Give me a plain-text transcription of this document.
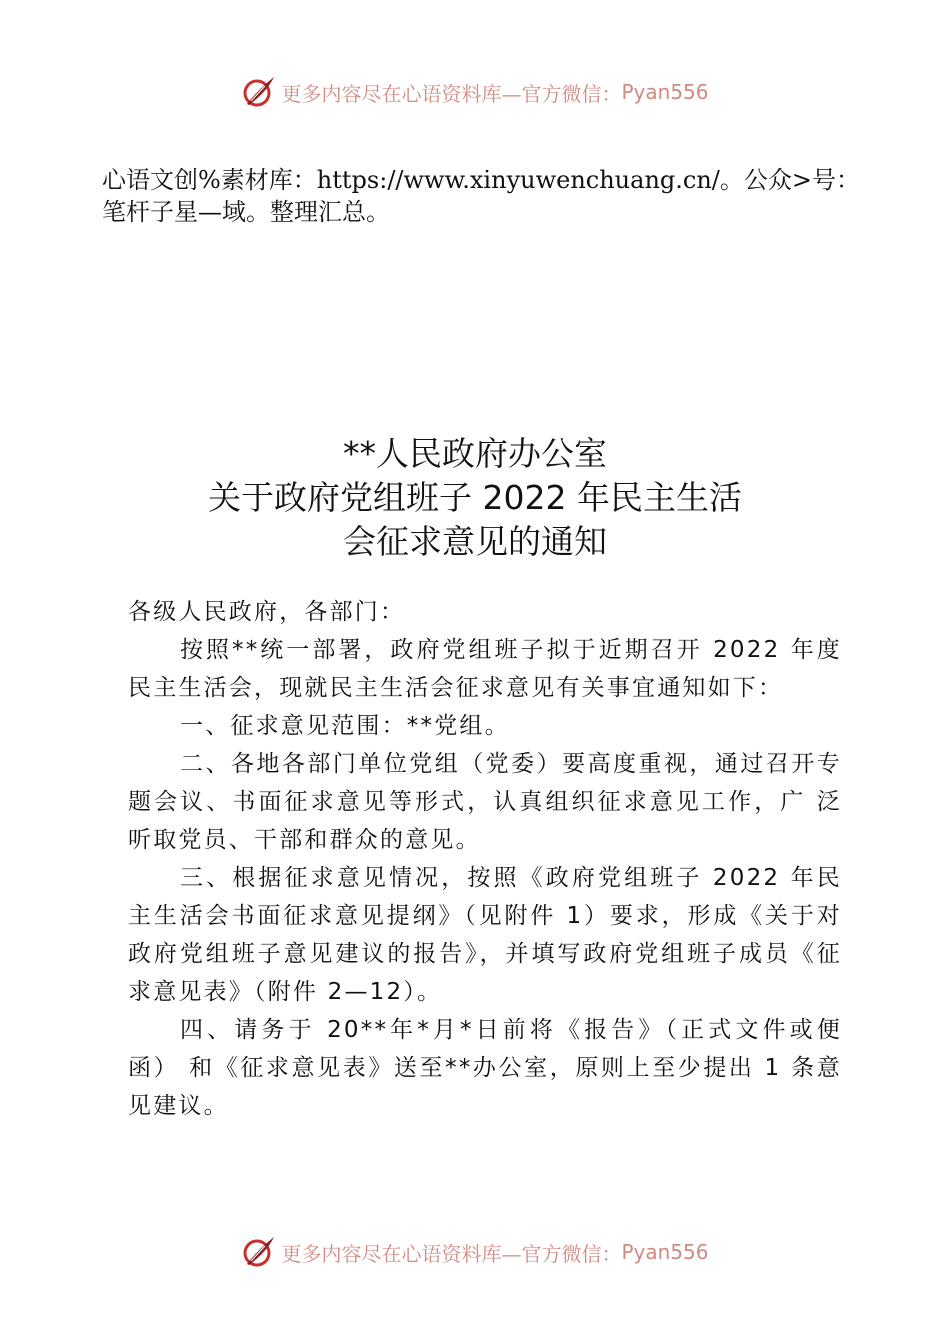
更多内容尽在心语资料库—官方微信： Pyan556
心语文创%素材库：https://www.xinyuwenchuang.cn/。公众>号：笔杆子星—域。整理汇总。
**人民政府办公室
关于政府党组班子 2022 年民主生活
会征求意见的通知

各级人民政府，各部门：

按照**统一部署，政府党组班子拟于近期召开 2022 年度民主生活会，现就民主生活会征求意见有关事宜通知如下：

一、征求意见范围：**党组。

二、各地各部门单位党组（党委）要高度重视，通过召开专题会议、书面征求意见等形式，认真组织征求意见工作，广 泛听取党员、干部和群众的意见。

三、根据征求意见情况，按照《政府党组班子 2022 年民主生活会书面征求意见提纲》（见附件 1）要求，形成《关于对政府党组班子意见建议的报告》，并填写政府党组班子成员《征求意见表》（附件 2—12）。

四、请务于 20**年*月*日前将《报告》（正式文件或便函） 和《征求意见表》送至**办公室，原则上至少提出 1 条意见建议。

更多内容尽在心语资料库—官方微信： Pyan556
